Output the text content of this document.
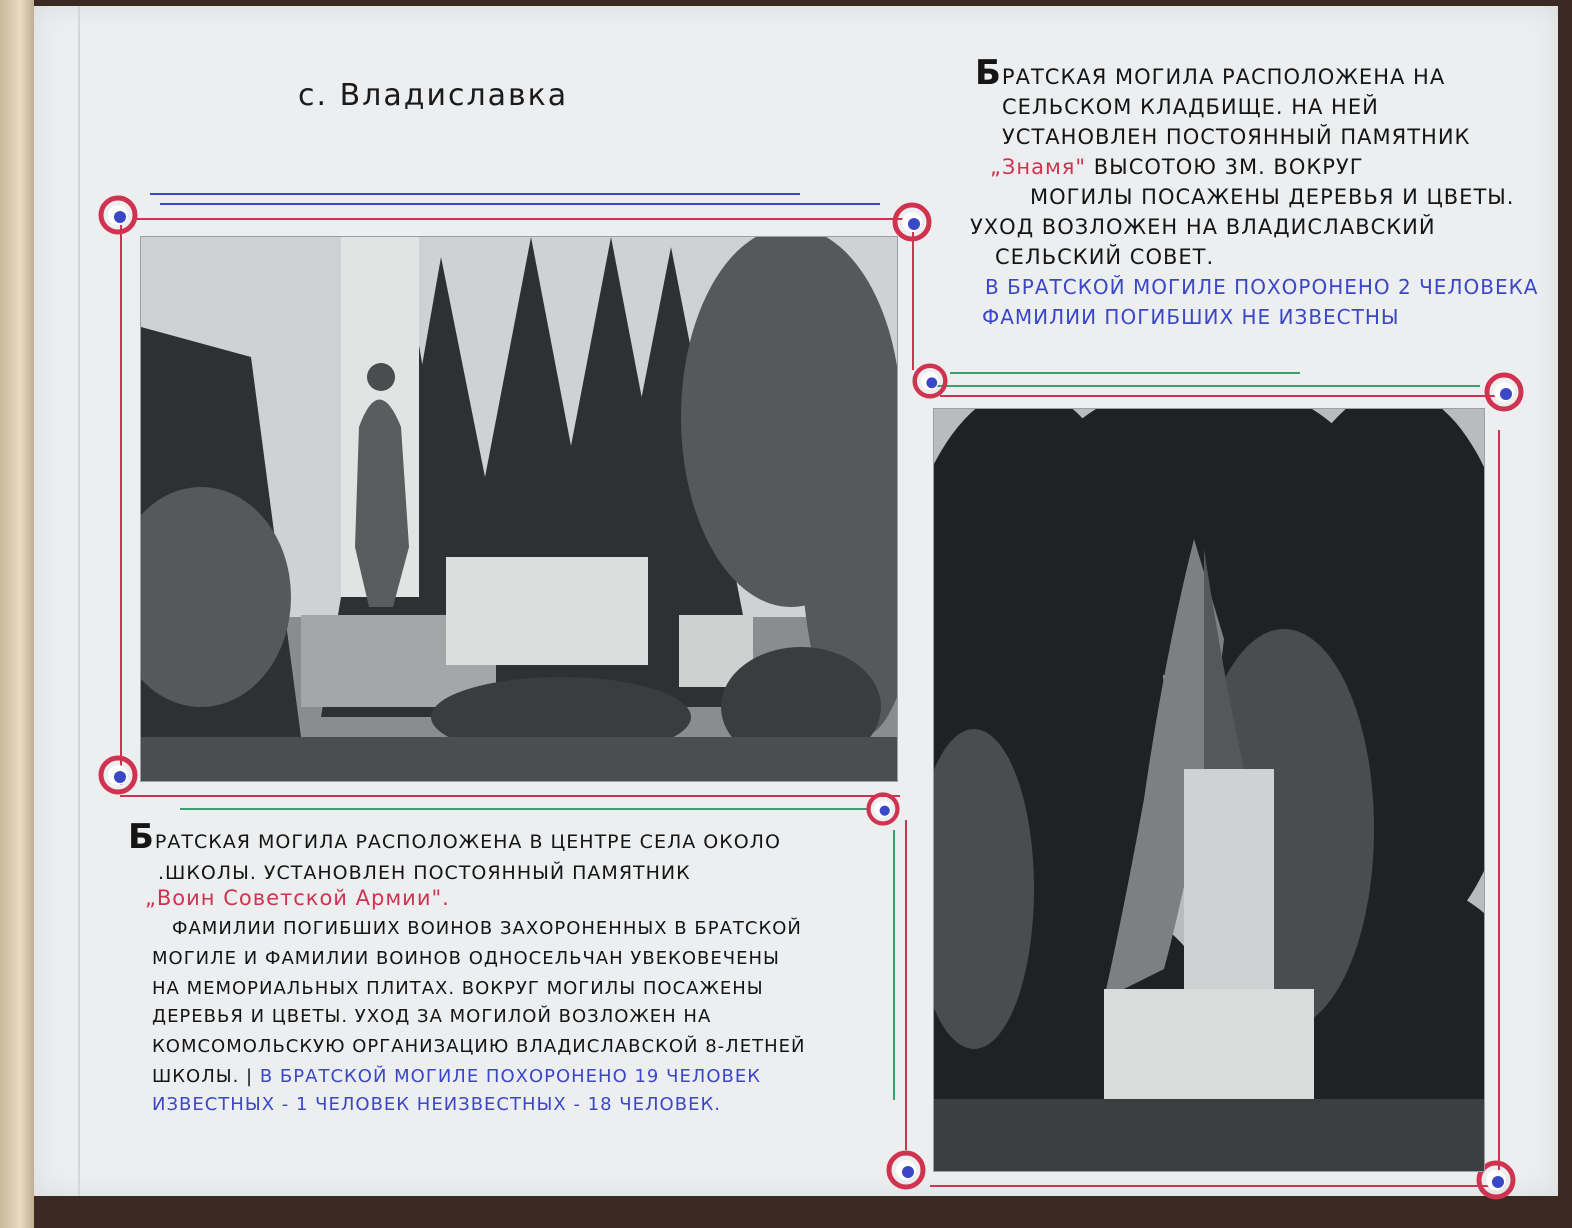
с. Владиславка
БРАТСКАЯ МОГИЛА РАСПОЛОЖЕНА НА
СЕЛЬСКОМ КЛАДБИЩЕ. НА НЕЙ
УСТАНОВЛЕН ПОСТОЯННЫЙ ПАМЯТНИК
„Знамя" ВЫСОТОЮ 3М. ВОКРУГ
МОГИЛЫ ПОСАЖЕНЫ ДЕРЕВЬЯ И ЦВЕТЫ.
УХОД ВОЗЛОЖЕН НА ВЛАДИСЛАВСКИЙ
СЕЛЬСКИЙ СОВЕТ.
В БРАТСКОЙ МОГИЛЕ ПОХОРОНЕНО 2 ЧЕЛОВЕКА
ФАМИЛИИ ПОГИБШИХ НЕ ИЗВЕСТНЫ
БРАТСКАЯ МОГИЛА РАСПОЛОЖЕНА В ЦЕНТРЕ СЕЛА ОКОЛО
.ШКОЛЫ. УСТАНОВЛЕН ПОСТОЯННЫЙ ПАМЯТНИК
„Воин Советской Армии".
ФАМИЛИИ ПОГИБШИХ ВОИНОВ ЗАХОРОНЕННЫХ В БРАТСКОЙ
МОГИЛЕ И ФАМИЛИИ ВОИНОВ ОДНОСЕЛЬЧАН УВЕКОВЕЧЕНЫ
НА МЕМОРИАЛЬНЫХ ПЛИТАХ. ВОКРУГ МОГИЛЫ ПОСАЖЕНЫ
ДЕРЕВЬЯ И ЦВЕТЫ. УХОД ЗА МОГИЛОЙ ВОЗЛОЖЕН НА
КОМСОМОЛЬСКУЮ ОРГАНИЗАЦИЮ ВЛАДИСЛАВСКОЙ 8-ЛЕТНЕЙ
ШКОЛЫ. | В БРАТСКОЙ МОГИЛЕ ПОХОРОНЕНО 19 ЧЕЛОВЕК
ИЗВЕСТНЫХ - 1 ЧЕЛОВЕК НЕИЗВЕСТНЫХ - 18 ЧЕЛОВЕК.
